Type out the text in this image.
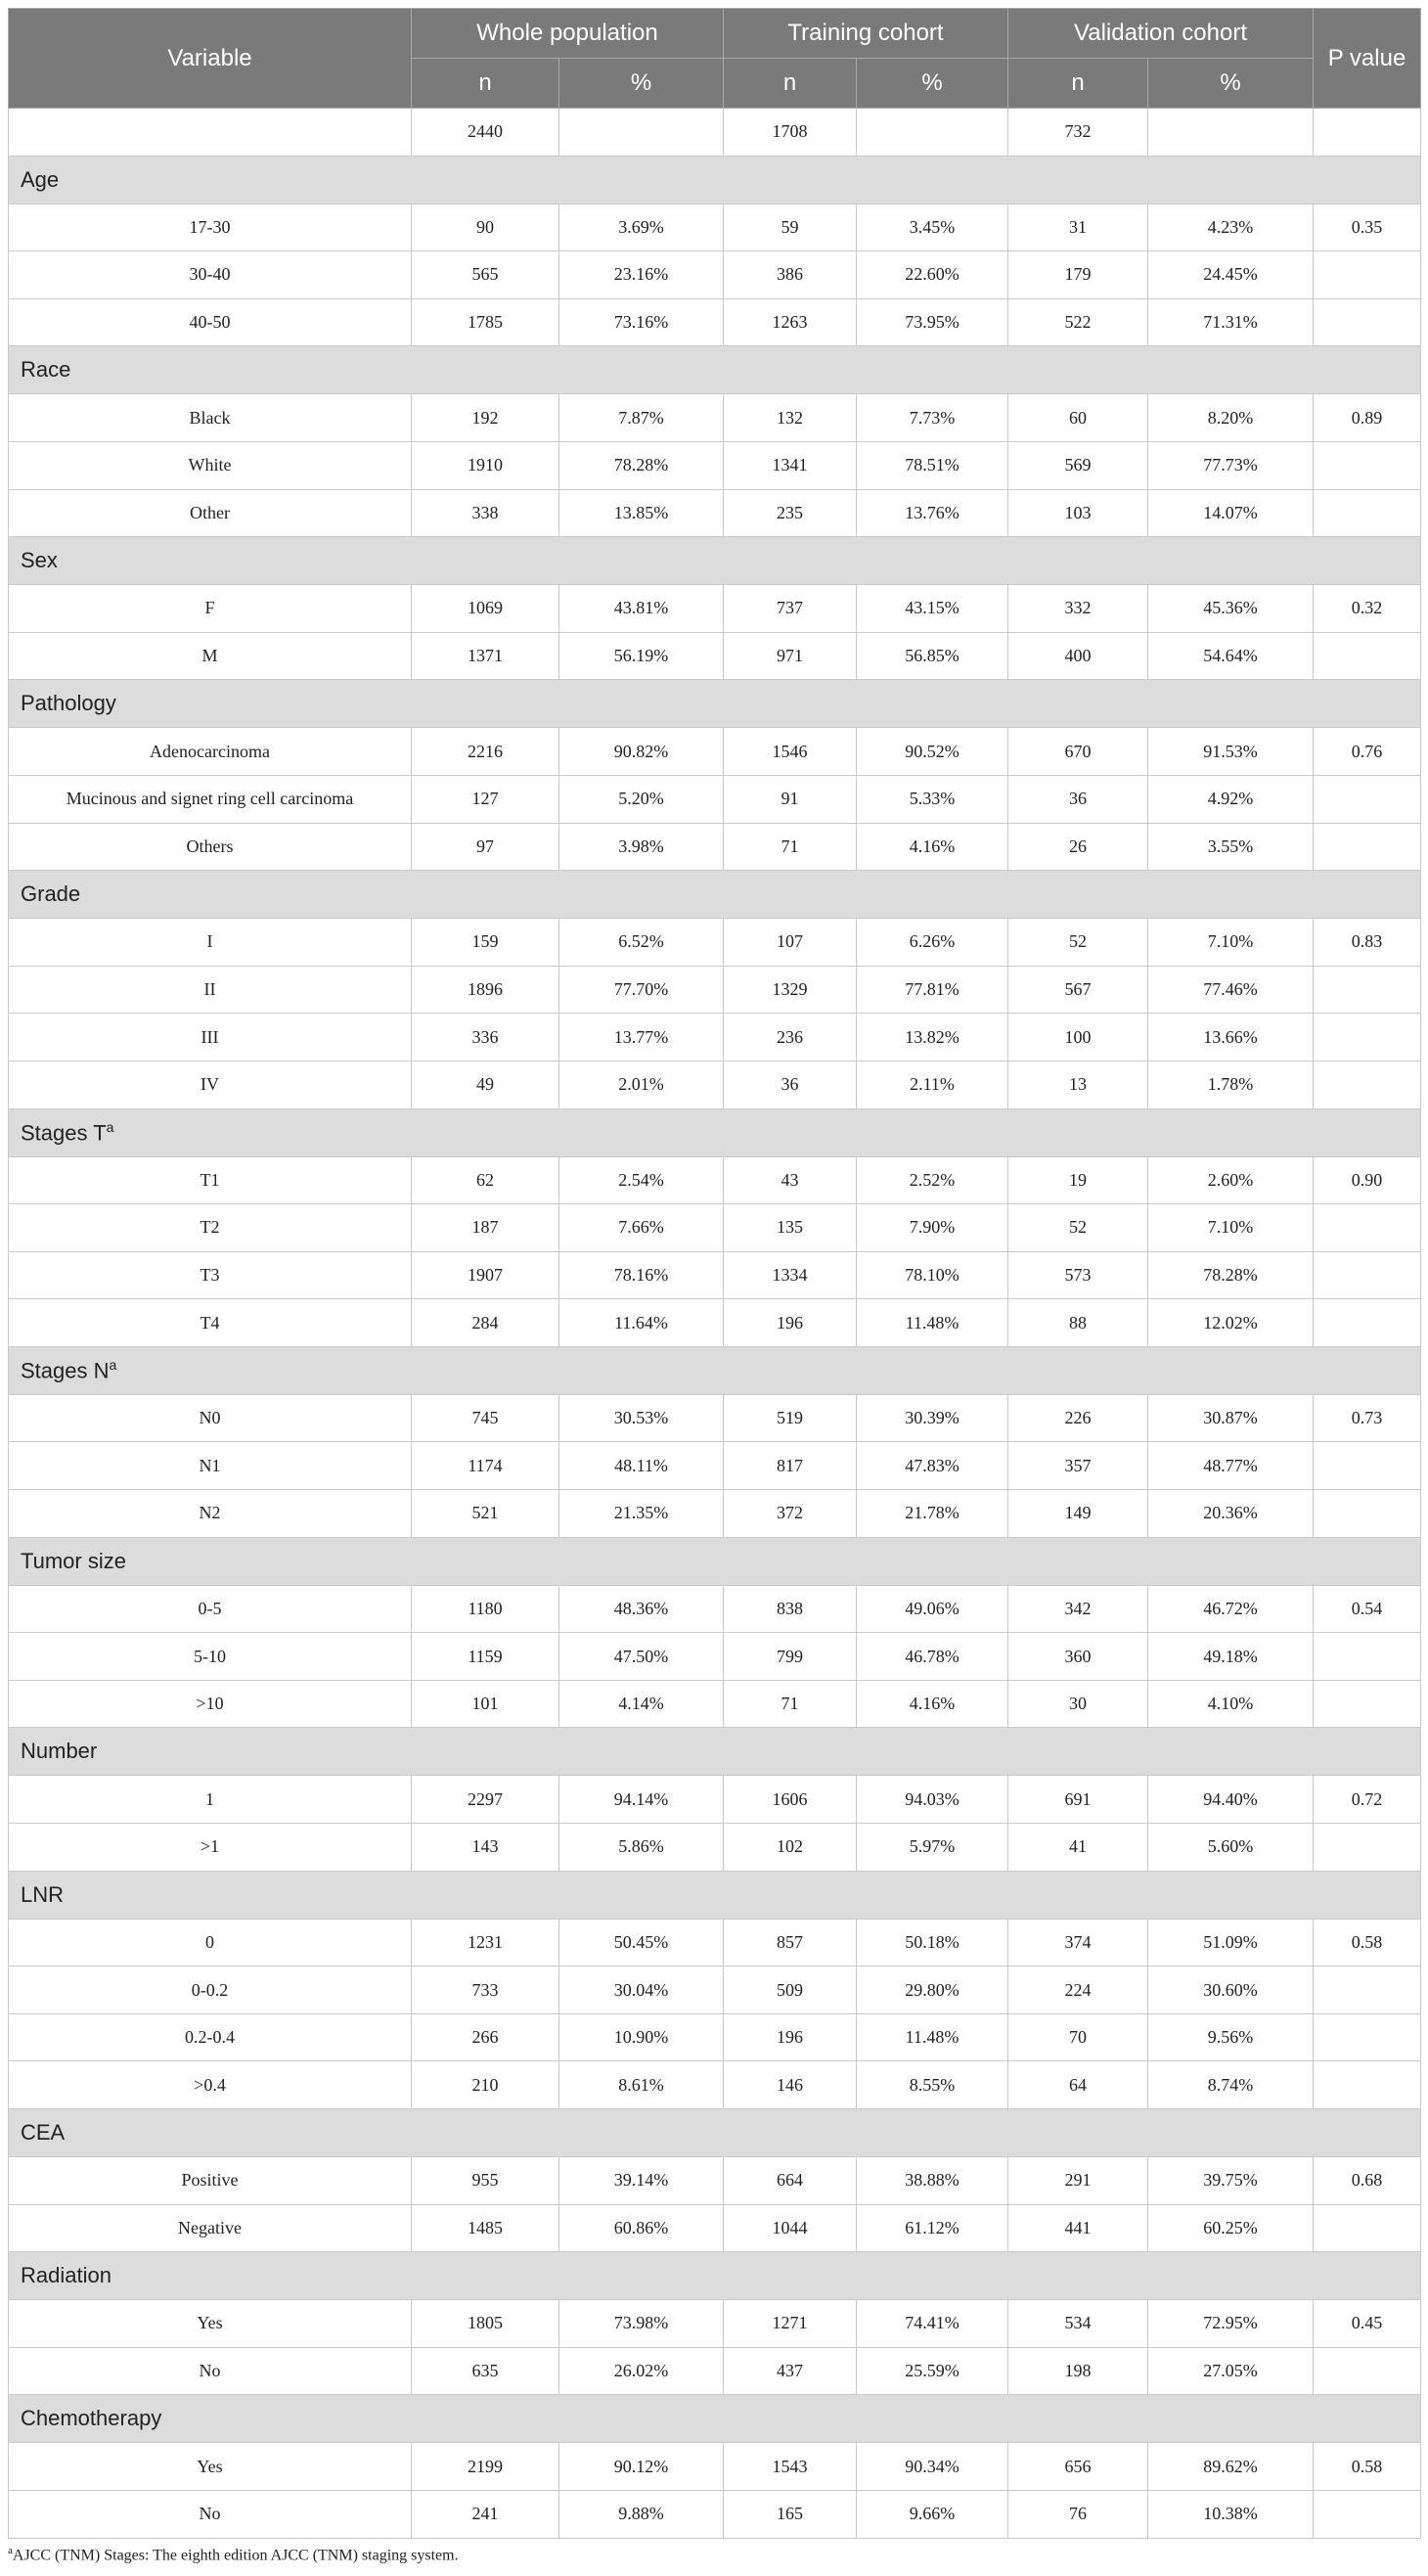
Variable	Whole population		Training cohort		Validation cohort		P value
	n	%	n	%	n	%	
	2440		1708		732		
Age							
17-30	90	3.69%	59	3.45%	31	4.23%	0.35
30-40	565	23.16%	386	22.60%	179	24.45%	
40-50	1785	73.16%	1263	73.95%	522	71.31%	
Race							
Black	192	7.87%	132	7.73%	60	8.20%	0.89
White	1910	78.28%	1341	78.51%	569	77.73%	
Other	338	13.85%	235	13.76%	103	14.07%	
Sex							
F	1069	43.81%	737	43.15%	332	45.36%	0.32
M	1371	56.19%	971	56.85%	400	54.64%	
Pathology							
Adenocarcinoma	2216	90.82%	1546	90.52%	670	91.53%	0.76
Mucinous and signet ring cell carcinoma	127	5.20%	91	5.33%	36	4.92%	
Others	97	3.98%	71	4.16%	26	3.55%	
Grade							
I	159	6.52%	107	6.26%	52	7.10%	0.83
II	1896	77.70%	1329	77.81%	567	77.46%	
III	336	13.77%	236	13.82%	100	13.66%	
IV	49	2.01%	36	2.11%	13	1.78%	
Stages $T^a$
T1	62	2.54%	43	2.52%	19	2.60%	0.90
T2	187	7.66%	135	7.90%	52	7.10%	
T3	1907	78.16%	1334	78.10%	573	78.28%	
T4	284	11.64%	196	11.48%	88	12.02%	
Stages $N^a$
N0	745	30.53%	519	30.39%	226	30.87%	0.73
N1	1174	48.11%	817	47.83%	357	48.77%	
N2	521	21.35%	372	21.78%	149	20.36%	
Tumor size							
0-5	1180	48.36%	838	49.06%	342	46.72%	0.54
5-10	1159	47.50%	799	46.78%	360	49.18%	
>10	101	4.14%	71	4.16%	30	4.10%	
Number							
1	2297	94.14%	1606	94.03%	691	94.40%	0.72
>1	143	5.86%	102	5.97%	41	5.60%	
LNR							
0	1231	50.45%	857	50.18%	374	51.09%	0.58
0-0.2	733	30.04%	509	29.80%	224	30.60%	
0.2-0.4	266	10.90%	196	11.48%	70	9.56%	
>0.4	210	8.61%	146	8.55%	64	8.74%	
CEA							
Positive	955	39.14%	664	38.88%	291	39.75%	0.68
Negative	1485	60.86%	1044	61.12%	441	60.25%	
Radiation							
Yes	1805	73.98%	1271	74.41%	534	72.95%	0.45
No	635	26.02%	437	25.59%	198	27.05%	
Chemotherapy							
Yes	2199	90.12%	1543	90.34%	656	89.62%	0.58
No	241	9.88%	165	9.66%	76	10.38%	
$^a$AJCC (TNM) Stages: The eighth edition AJCC (TNM) staging system.
